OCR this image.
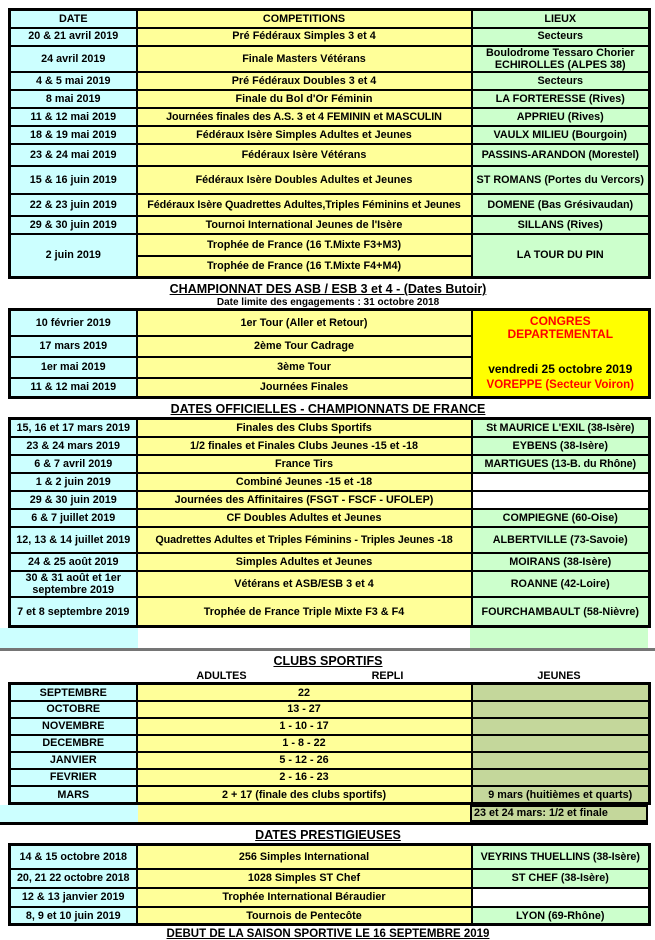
DATE	COMPETITIONS	LIEUX
20 & 21 avril 2019	Pré Fédéraux Simples 3 et 4	Secteurs
24 avril 2019	Finale Masters Vétérans	Boulodrome Tessaro Chorier ECHIROLLES (ALPES 38)
4 & 5 mai 2019	Pré Fédéraux Doubles 3 et 4	Secteurs
8 mai 2019	Finale du Bol d'Or Féminin	LA FORTERESSE (Rives)
11 & 12 mai 2019	Journées finales des A.S. 3 et 4 FEMININ et MASCULIN	APPRIEU (Rives)
18 & 19 mai 2019	Fédéraux Isère Simples Adultes et Jeunes	VAULX MILIEU (Bourgoin)
23 & 24 mai 2019	Fédéraux Isère Vétérans	PASSINS-ARANDON (Morestel)
15 & 16 juin 2019	Fédéraux Isère Doubles Adultes et Jeunes	ST ROMANS (Portes du Vercors)
22 & 23 juin 2019	Fédéraux Isère Quadrettes Adultes,Triples Féminins et Jeunes	DOMENE (Bas Grésivaudan)
29 & 30 juin 2019	Tournoi International Jeunes de l'Isère	SILLANS (Rives)
2 juin 2019	Trophée de France (16 T.Mixte F3+M3)	LA TOUR DU PIN
	Trophée de France (16 T.Mixte F4+M4)	
CHAMPIONNAT DES ASB / ESB 3 et 4 - (Dates Butoir)
Date limite des engagements : 31 octobre 2018
10 février 2019	1er Tour (Aller et Retour)	CONGRES DEPARTEMENTAL
vendredi 25 octobre 2019
VOREPPE (Secteur Voiron)

17 mars 2019	2ème Tour Cadrage	
1er mai 2019	3ème Tour	
11 & 12 mai 2019	Journées Finales	
DATES OFFICIELLES - CHAMPIONNATS DE FRANCE
15, 16 et 17 mars 2019	Finales des Clubs Sportifs	St MAURICE L'EXIL (38-Isère)
23 & 24 mars 2019	1/2 finales et Finales Clubs Jeunes -15 et -18	EYBENS (38-Isère)
6 & 7 avril 2019	France Tirs	MARTIGUES (13-B. du Rhône)
1 & 2 juin 2019	Combiné Jeunes -15 et -18	
29 & 30 juin 2019	Journées des Affinitaires (FSGT - FSCF - UFOLEP)	
6 & 7 juillet 2019	CF Doubles Adultes et Jeunes	COMPIEGNE (60-Oise)
12, 13 & 14 juillet 2019	Quadrettes Adultes et Triples Féminins - Triples Jeunes -18	ALBERTVILLE (73-Savoie)
24 & 25 août 2019	Simples Adultes et Jeunes	MOIRANS (38-Isère)
30 & 31 août et 1er septembre 2019	Vétérans et ASB/ESB 3 et 4	ROANNE (42-Loire)
7 et 8 septembre 2019	Trophée de France Triple Mixte F3 & F4	FOURCHAMBAULT (58-Nièvre)
CLUBS SPORTIFS
ADULTES	REPLI	JEUNES
SEPTEMBRE	22	
OCTOBRE	13 - 27	
NOVEMBRE	1 - 10 - 17	
DECEMBRE	1 - 8 - 22	
JANVIER	5 - 12 - 26	
FEVRIER	2 - 16 - 23	
MARS	2 + 17 (finale des clubs sportifs)	9 mars (huitièmes et quarts)
23 et 24 mars: 1/2 et finale
DATES PRESTIGIEUSES
14 & 15 octobre 2018	256 Simples International	VEYRINS THUELLINS (38-Isère)
20, 21 22 octobre 2018	1028 Simples ST Chef	ST CHEF (38-Isère)
12 & 13 janvier 2019	Trophée International Béraudier	
8, 9 et 10 juin 2019	Tournois de Pentecôte	LYON (69-Rhône)
DEBUT DE LA SAISON SPORTIVE LE 16 SEPTEMBRE 2019
